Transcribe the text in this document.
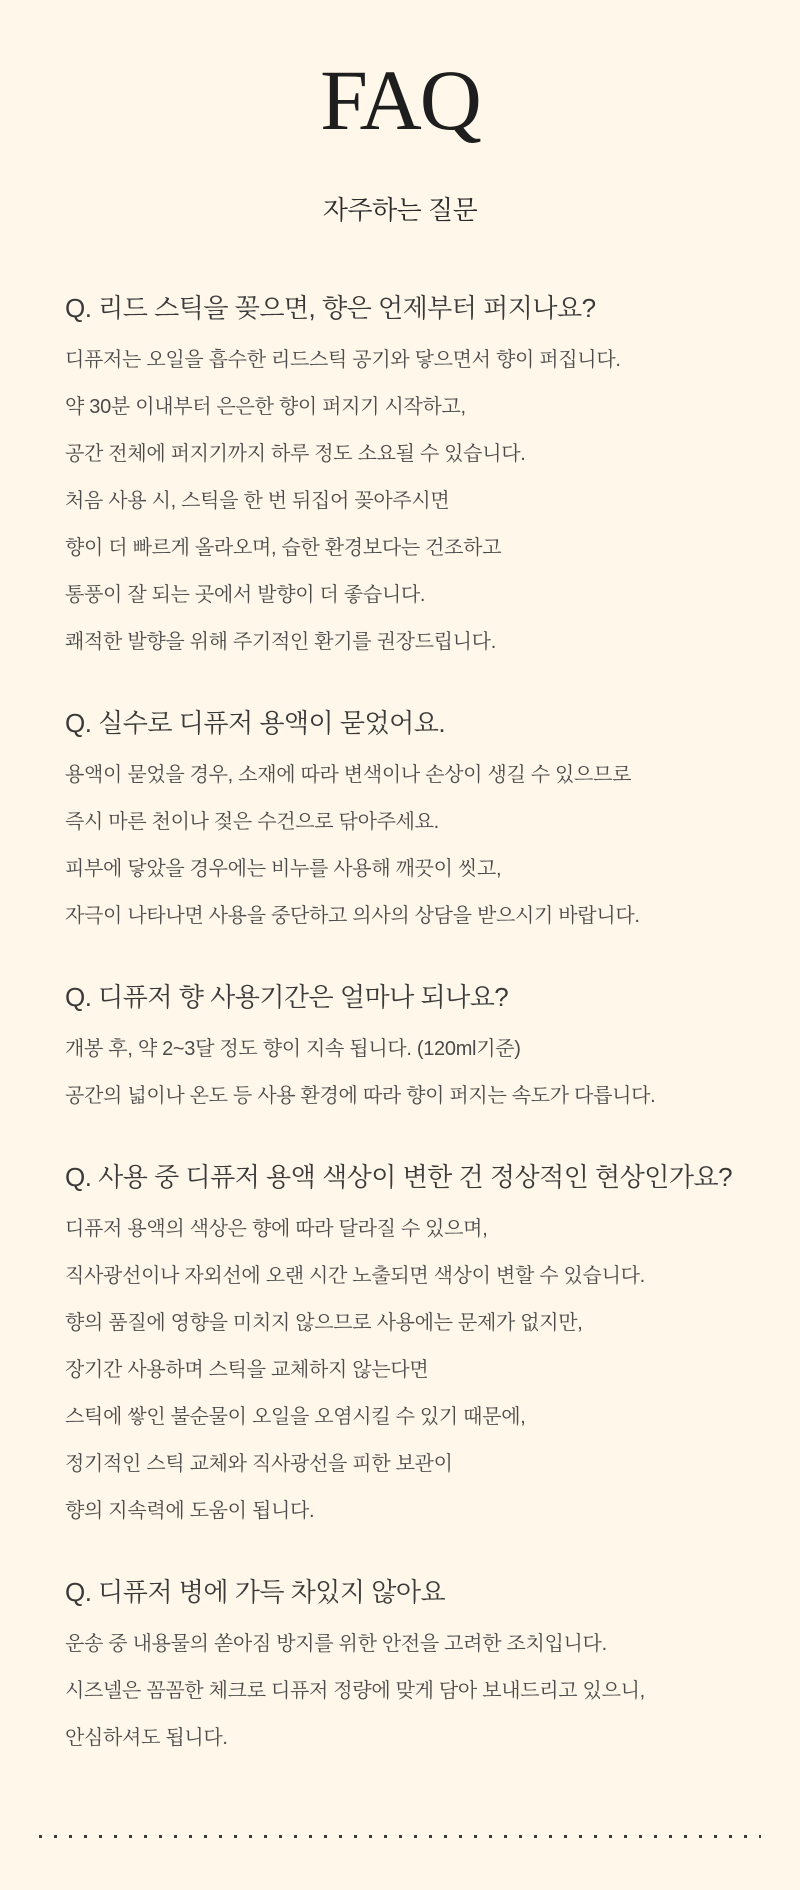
FAQ
자주하는 질문
Q. 리드 스틱을 꽂으면, 향은 언제부터 퍼지나요?

디퓨저는 오일을 흡수한 리드스틱 공기와 닿으면서 향이 퍼집니다.

약 30분 이내부터 은은한 향이 퍼지기 시작하고,

공간 전체에 퍼지기까지 하루 정도 소요될 수 있습니다.

처음 사용 시, 스틱을 한 번 뒤집어 꽂아주시면

향이 더 빠르게 올라오며, 습한 환경보다는 건조하고

통풍이 잘 되는 곳에서 발향이 더 좋습니다.

쾌적한 발향을 위해 주기적인 환기를 권장드립니다.

Q. 실수로 디퓨저 용액이 묻었어요.

용액이 묻었을 경우, 소재에 따라 변색이나 손상이 생길 수 있으므로

즉시 마른 천이나 젖은 수건으로 닦아주세요.

피부에 닿았을 경우에는 비누를 사용해 깨끗이 씻고,

자극이 나타나면 사용을 중단하고 의사의 상담을 받으시기 바랍니다.

Q. 디퓨저 향 사용기간은 얼마나 되나요?

개봉 후, 약 2~3달 정도 향이 지속 됩니다. (120ml기준)

공간의 넓이나 온도 등 사용 환경에 따라 향이 퍼지는 속도가 다릅니다.

Q. 사용 중 디퓨저 용액 색상이 변한 건 정상적인 현상인가요?

디퓨저 용액의 색상은 향에 따라 달라질 수 있으며,

직사광선이나 자외선에 오랜 시간 노출되면 색상이 변할 수 있습니다.

향의 품질에 영향을 미치지 않으므로 사용에는 문제가 없지만,

장기간 사용하며 스틱을 교체하지 않는다면

스틱에 쌓인 불순물이 오일을 오염시킬 수 있기 때문에,

정기적인 스틱 교체와 직사광선을 피한 보관이

향의 지속력에 도움이 됩니다.

Q. 디퓨저 병에 가득 차있지 않아요

운송 중 내용물의 쏟아짐 방지를 위한 안전을 고려한 조치입니다.

시즈넬은 꼼꼼한 체크로 디퓨저 정량에 맞게 담아 보내드리고 있으니,

안심하셔도 됩니다.
